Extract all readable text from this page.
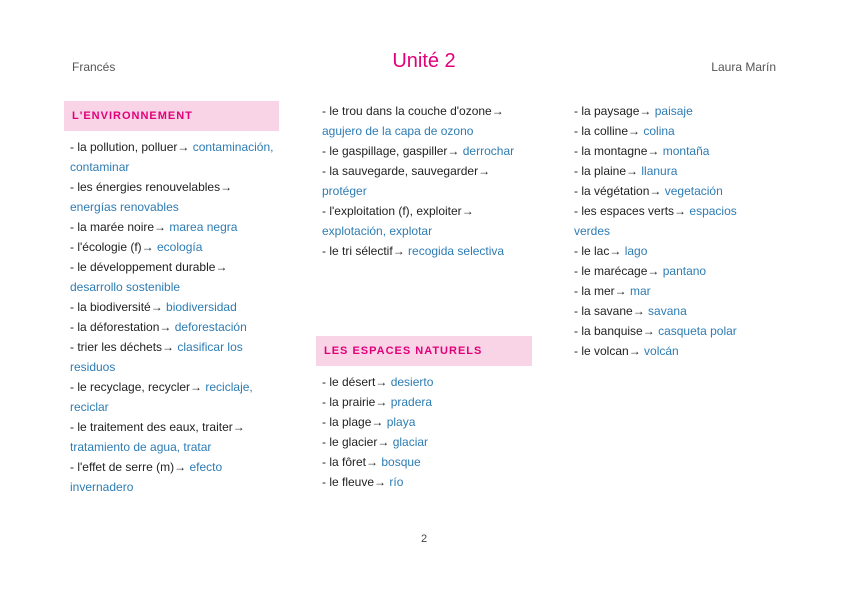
Francés	Unité 2	Laura Marín
L'ENVIRONNEMENT
LES ESPACES NATURELS
- la pollution, polluer→ contaminación, contaminar
- les énergies renouvelables→ energías renovables
- la marée noire→ marea negra
- l'écologie (f)→ ecología
- le développement durable→ desarrollo sostenible
- la biodiversité→ biodiversidad
- la déforestation→ deforestación
- trier les déchets→ clasificar los residuos
- le recyclage, recycler→ reciclaje, reciclar
- le traitement des eaux, traiter→ tratamiento de agua, tratar
- l'effet de serre (m)→ efecto invernadero
- le trou dans la couche d'ozone→ agujero de la capa de ozono
- le gaspillage, gaspiller→ derrochar
- la sauvegarde, sauvegarder→ protéger
- l'exploitation (f), exploiter→ explotación, explotar
- le tri sélectif→ recogida selectiva
- le désert→ desierto
- la prairie→ pradera
- la plage→ playa
- le glacier→ glaciar
- la fôret→ bosque
- le fleuve→ río
- la paysage→ paisaje
- la colline→ colina
- la montagne→ montaña
- la plaine→ llanura
- la végétation→ vegetación
- les espaces verts→ espacios verdes
- le lac→ lago
- le marécage→ pantano
- la mer→ mar
- la savane→ savana
- la banquise→ casqueta polar
- le volcan→ volcán
2
